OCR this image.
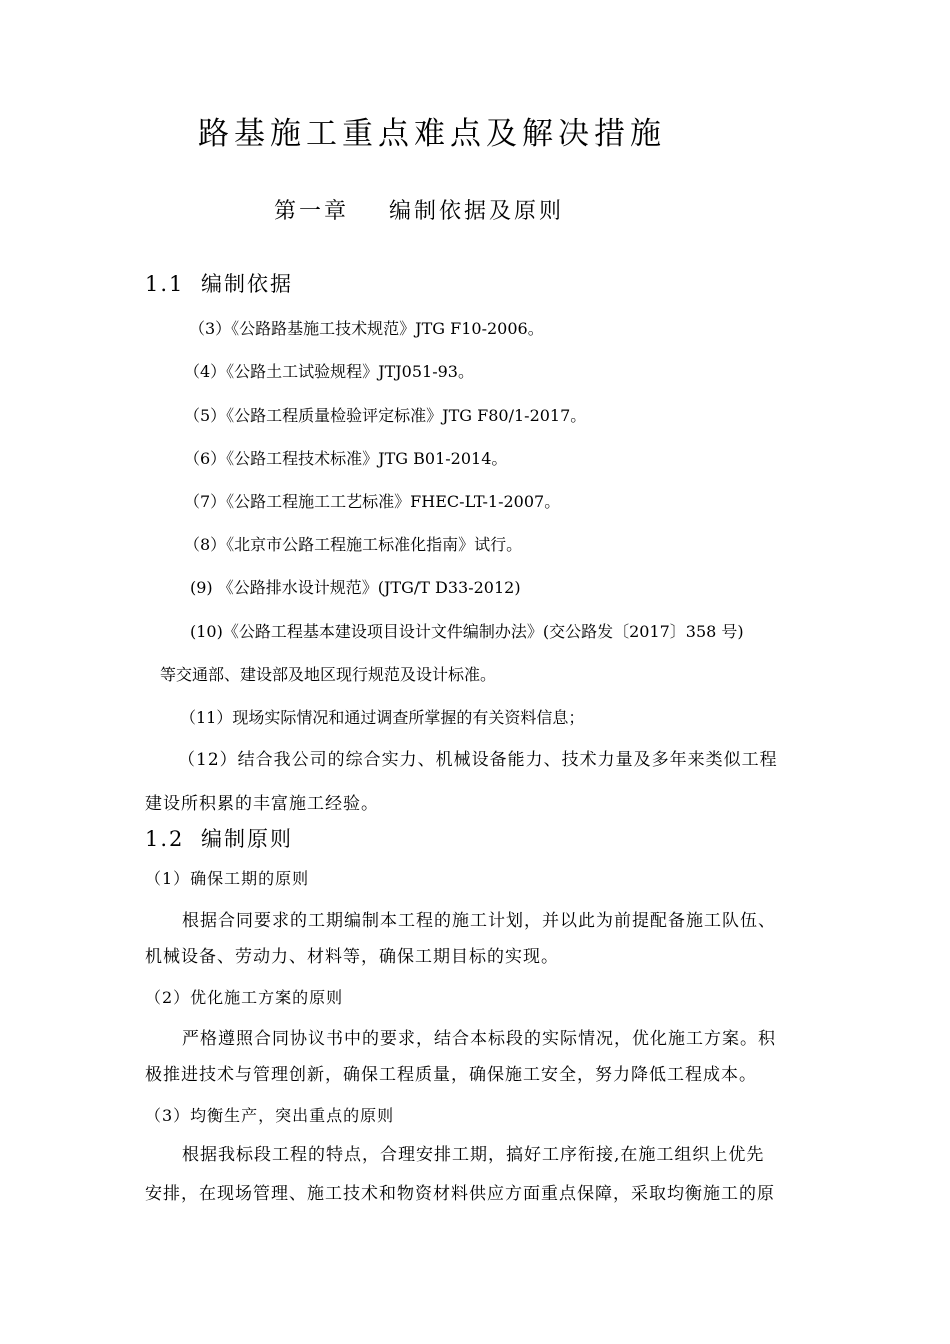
路基施工重点难点及解决措施
第一章    编制依据及原则
1.1 编制依据
（3）《公路路基施工技术规范》JTG F10-2006。
（4）《公路土工试验规程》JTJ051-93。
（5）《公路工程质量检验评定标准》JTG F80/1-2017。
（6）《公路工程技术标准》JTG B01-2014。
（7）《公路工程施工工艺标准》FHEC-LT-1-2007。
（8）《北京市公路工程施工标准化指南》试行。
(9) 《公路排水设计规范》(JTG/T D33-2012)
(10)《公路工程基本建设项目设计文件编制办法》(交公路发〔2017〕358 号)
等交通部、建设部及地区现行规范及设计标准。
（11）现场实际情况和通过调查所掌握的有关资料信息；
（12）结合我公司的综合实力、机械设备能力、技术力量及多年来类似工程
建设所积累的丰富施工经验。
1.2 编制原则
（1）确保工期的原则
根据合同要求的工期编制本工程的施工计划，并以此为前提配备施工队伍、
机械设备、劳动力、材料等，确保工期目标的实现。
（2）优化施工方案的原则
严格遵照合同协议书中的要求，结合本标段的实际情况，优化施工方案。积
极推进技术与管理创新，确保工程质量，确保施工安全，努力降低工程成本。
（3）均衡生产，突出重点的原则
根据我标段工程的特点，合理安排工期，搞好工序衔接,在施工组织上优先
安排，在现场管理、施工技术和物资材料供应方面重点保障，采取均衡施工的原
